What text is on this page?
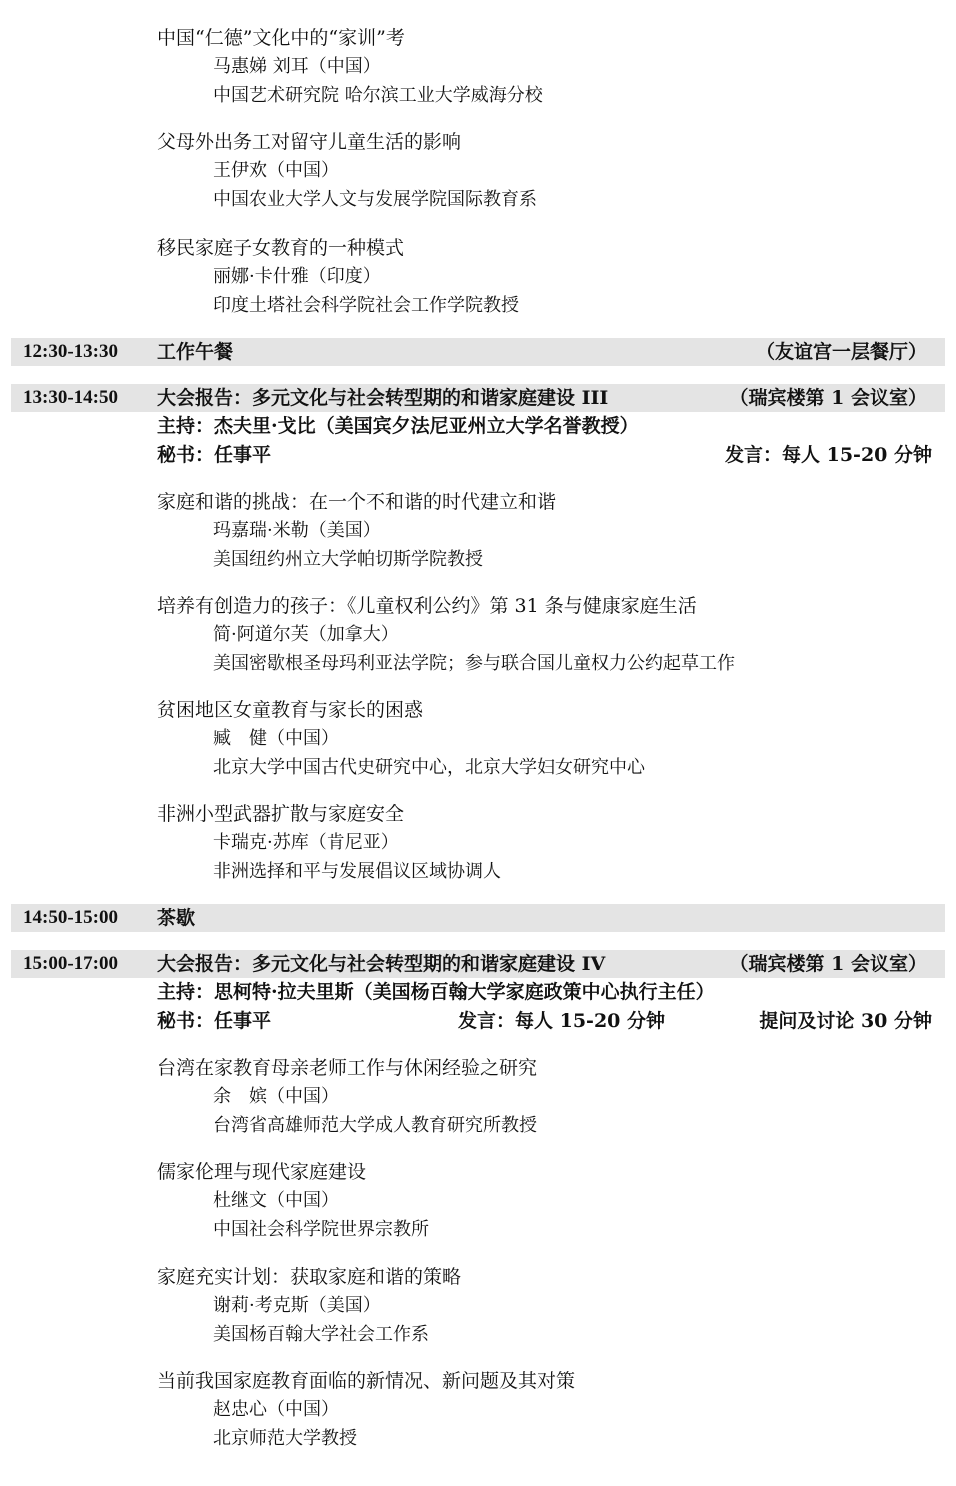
中国“仁德”文化中的“家训”考
马惠娣 刘耳（中国）
中国艺术研究院 哈尔滨工业大学威海分校
父母外出务工对留守儿童生活的影响
王伊欢（中国）
中国农业大学人文与发展学院国际教育系
移民家庭子女教育的一种模式
丽娜·卡什雅（印度）
印度土塔社会科学院社会工作学院教授
12:30-13:30 工作午餐	（友谊宫一层餐厅）
13:30-14:50 大会报告：多元文化与社会转型期的和谐家庭建设 III	（瑞宾楼第 1 会议室）
主持：杰夫里·戈比（美国宾夕法尼亚州立大学名誉教授）
秘书：任事平	发言：每人 15-20 分钟
家庭和谐的挑战：在一个不和谐的时代建立和谐
玛嘉瑞·米勒（美国）
美国纽约州立大学帕切斯学院教授
培养有创造力的孩子：《儿童权利公约》第 31 条与健康家庭生活
简·阿道尔芙（加拿大）
美国密歇根圣母玛利亚法学院；参与联合国儿童权力公约起草工作
贫困地区女童教育与家长的困惑
臧　健（中国）
北京大学中国古代史研究中心，北京大学妇女研究中心
非洲小型武器扩散与家庭安全
卡瑞克·苏库（肯尼亚）
非洲选择和平与发展倡议区域协调人
14:50-15:00 茶歇
15:00-17:00 大会报告：多元文化与社会转型期的和谐家庭建设 IV	（瑞宾楼第 1 会议室）
主持：思柯特·拉夫里斯（美国杨百翰大学家庭政策中心执行主任）
秘书：任事平	发言：每人 15-20 分钟	提问及讨论 30 分钟
台湾在家教育母亲老师工作与休闲经验之研究
余　嫔（中国）
台湾省高雄师范大学成人教育研究所教授
儒家伦理与现代家庭建设
杜继文（中国）
中国社会科学院世界宗教所
家庭充实计划：获取家庭和谐的策略
谢莉·考克斯（美国）
美国杨百翰大学社会工作系
当前我国家庭教育面临的新情况、新问题及其对策
赵忠心（中国）
北京师范大学教授
